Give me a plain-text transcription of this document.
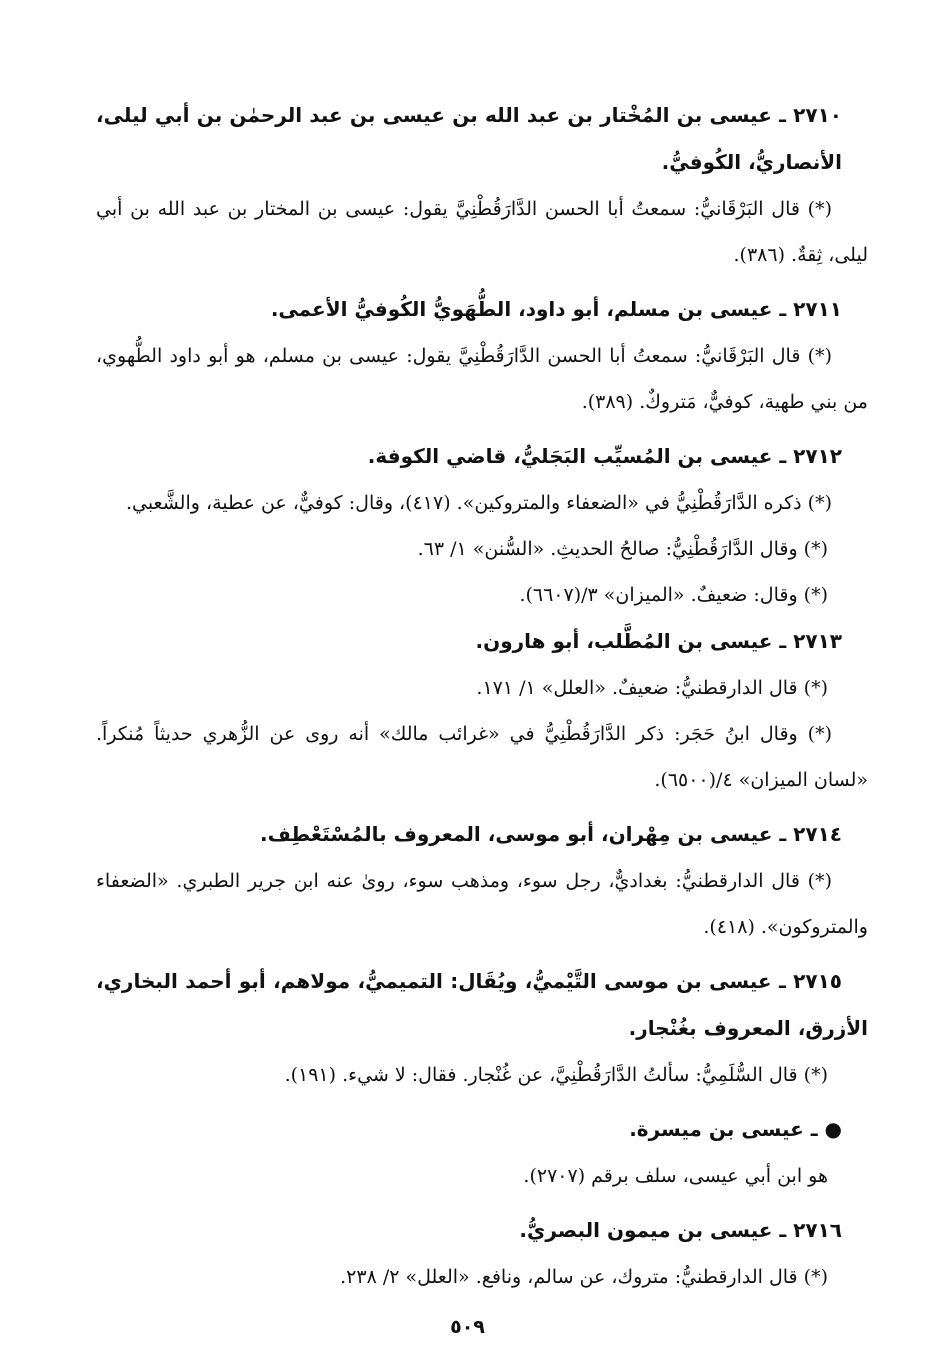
٢٧١٠ ـ عيسى بن المُخْتار بن عبد الله بن عيسى بن عبد الرحمٰن بن أبي ليلى، الأنصاريُّ، الكُوفيُّ.

(*) قال البَرْقَانيُّ: سمعتُ أبا الحسن الدَّارَقُطْنِيَّ يقول: عيسى بن المختار بن عبد الله بن أبي ليلى، ثِقةٌ. (٣٨٦).

٢٧١١ ـ عيسى بن مسلم، أبو داود، الطُّهَويُّ الكُوفيُّ الأعمى.

(*) قال البَرْقَانيُّ: سمعتُ أبا الحسن الدَّارَقُطْنِيَّ يقول: عيسى بن مسلم، هو أبو داود الطُّهوي، من بني طهية، كوفيٌّ، مَتروكٌ. (٣٨٩).

٢٧١٢ ـ عيسى بن المُسيِّب البَجَليُّ، قاضي الكوفة.

(*) ذكره الدَّارَقُطْنِيُّ في «الضعفاء والمتروكين». (٤١٧)، وقال: كوفيٌّ، عن عطية، والشَّعبي.

(*) وقال الدَّارَقُطْنِيُّ: صالحُ الحديثِ. «السُّنن» ١/ ٦٣.

(*) وقال: ضعيفٌ. «الميزان» ٣/(٦٦٠٧).

٢٧١٣ ـ عيسى بن المُطَّلب، أبو هارون.

(*) قال الدارقطنيُّ: ضعيفٌ. «العلل» ١/ ١٧١.

(*) وقال ابنُ حَجَر: ذكر الدَّارَقُطْنِيُّ في «غرائب مالك» أنه روى عن الزُّهري حديثاً مُنكراً. «لسان الميزان» ٤/(٦٥٠٠).

٢٧١٤ ـ عيسى بن مِهْران، أبو موسى، المعروف بالمُسْتَعْطِف.

(*) قال الدارقطنيُّ: بغداديٌّ، رجل سوء، ومذهب سوء، روىٰ عنه ابن جرير الطبري. «الضعفاء والمتروكون». (٤١٨).

٢٧١٥ ـ عيسى بن موسى التَّيْميُّ، ويُقَال: التميميُّ، مولاهم، أبو أحمد البخاري، الأزرق، المعروف بغُنْجار.

(*) قال السُّلَمِيُّ: سألتُ الدَّارَقُطْنِيَّ، عن غُنْجار. فقال: لا شيء. (١٩١).

● ـ عيسى بن ميسرة.

هو ابن أبي عيسى، سلف برقم (٢٧٠٧).

٢٧١٦ ـ عيسى بن ميمون البصريُّ.

(*) قال الدارقطنيُّ: متروك، عن سالم، ونافع. «العلل» ٢/ ٢٣٨.

٥٠٩
